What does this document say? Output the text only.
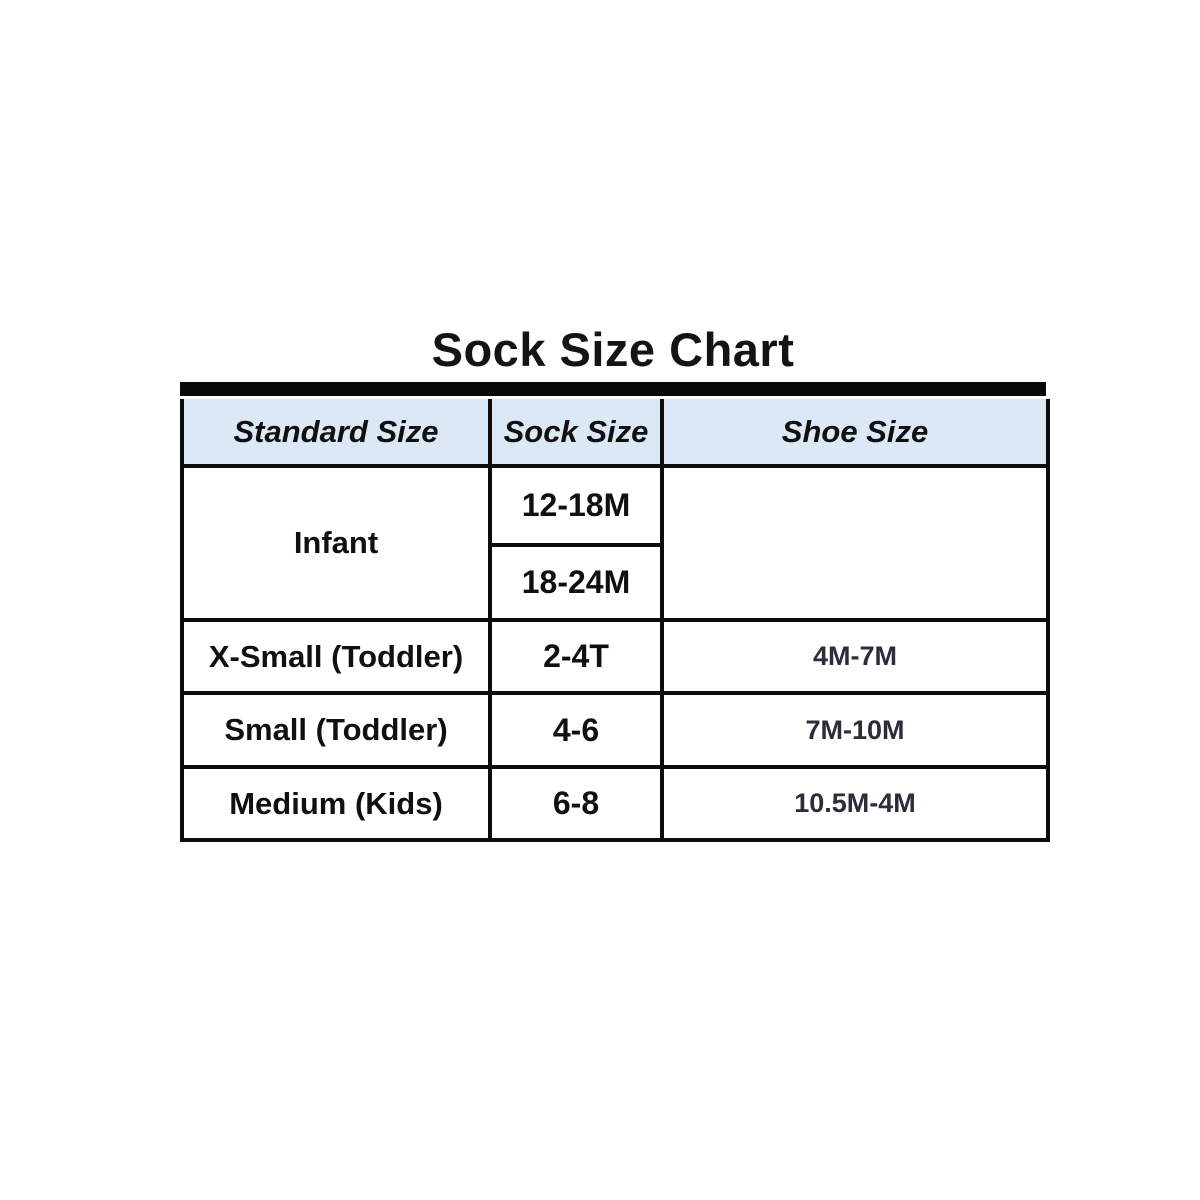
Sock Size Chart
Standard Size	Sock Size	Shoe Size
Infant	12-18M	
	18-24M	
X-Small (Toddler)	2-4T	4M-7M
Small (Toddler)	4-6	7M-10M
Medium (Kids)	6-8	10.5M-4M
